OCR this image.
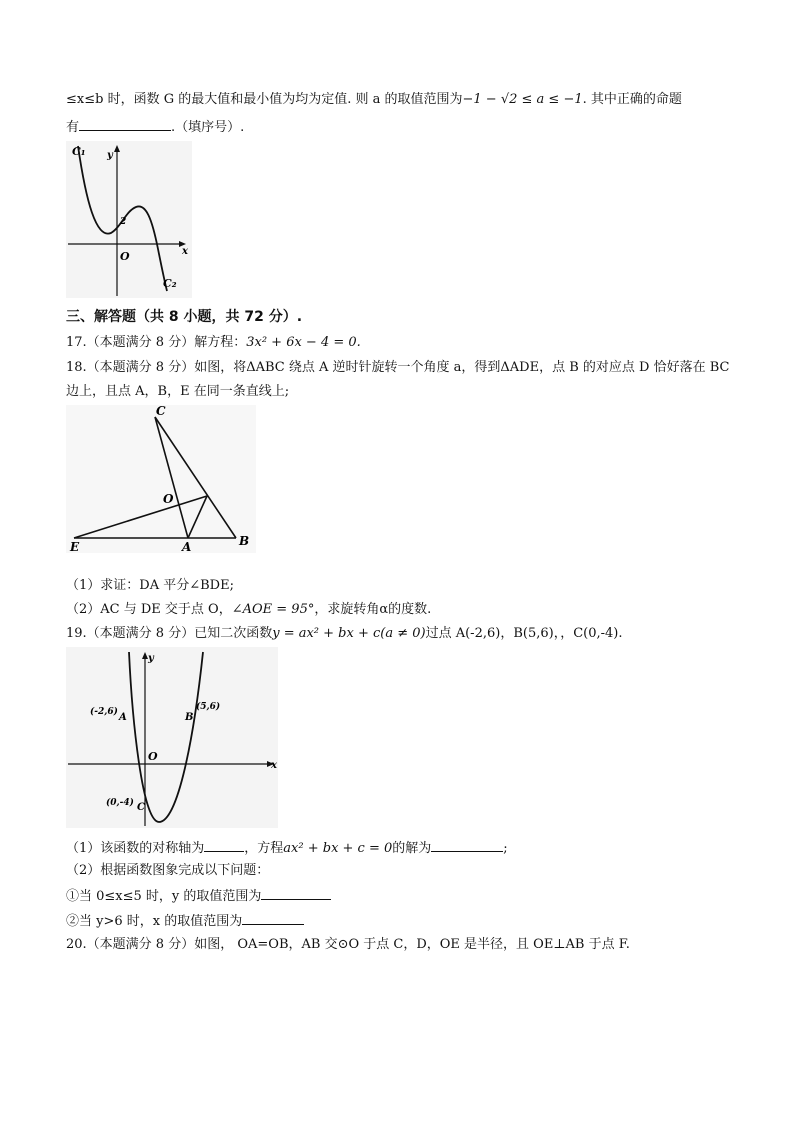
≤x≤b 时，函数 G 的最大值和最小值为均为定值. 则 a 的取值范围为−1 − √2 ≤ a ≤ −1. 其中正确的命题
有	.（填序号）.
C₁ y
2
x
O
C₂
三、解答题（共 8 小题，共 72 分）.
17.（本题满分 8 分）解方程：3x² + 6x − 4 = 0.
18.（本题满分 8 分）如图，将ΔABC 绕点 A 逆时针旋转一个角度 a，得到ΔADE，点 B 的对应点 D 恰好落在 BC
边上，且点 A，B，E 在同一条直线上;
C
O
E	A	B
（1）求证：DA 平分∠BDE;
（2）AC 与 DE 交于点 O，∠AOE = 95°，求旋转角α的度数.
19.（本题满分 8 分）已知二次函数y = ax² + bx + c(a ≠ 0)过点 A(-2,6)，B(5,6)，，C(0,-4).
y
x
O
(-2,6) A
(5,6)
B
(0,-4) C
（1）该函数的对称轴为	，方程ax² + bx + c = 0的解为	;
（2）根据函数图象完成以下问题：
①当 0≤x≤5 时，y 的取值范围为
②当 y>6 时，x 的取值范围为
20.（本题满分 8 分）如图， OA=OB，AB 交⊙O 于点 C，D，OE 是半径，且 OE⊥AB 于点 F.
